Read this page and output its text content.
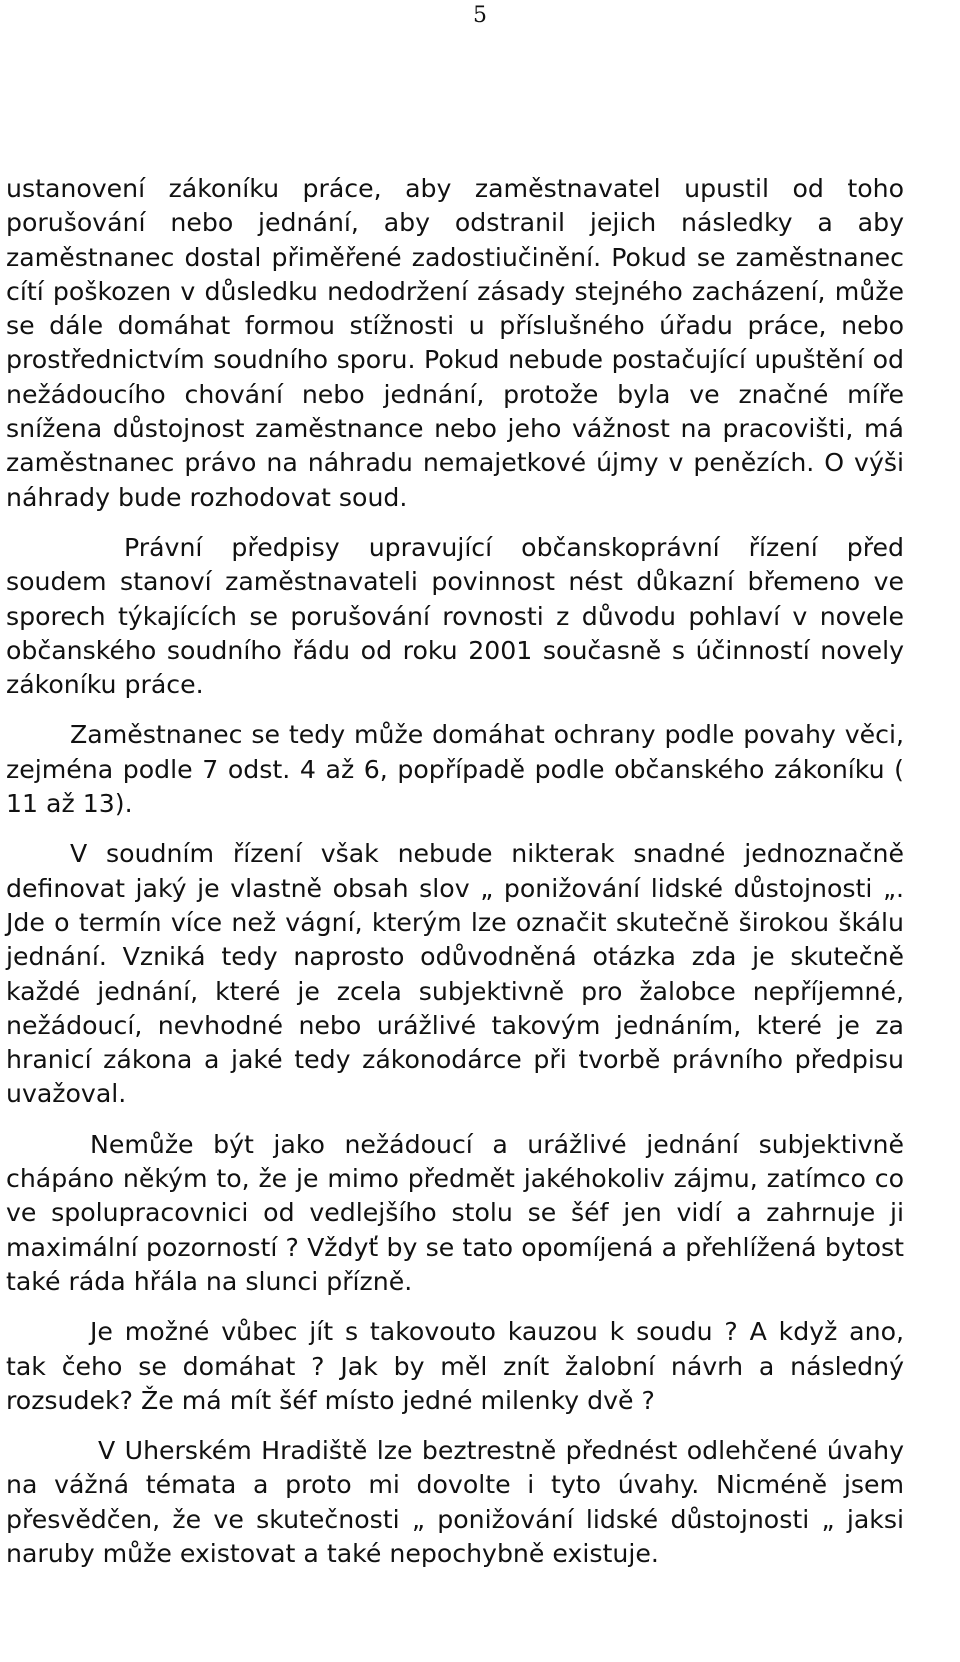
5

ustanovení zákoníku práce, aby zaměstnavatel upustil od toho porušování nebo jednání, aby odstranil jejich následky a aby zaměstnanec dostal přiměřené zadostiučinění. Pokud se zaměstnanec cítí poškozen v důsledku nedodržení zásady stejného zacházení, může se dále domáhat formou stížnosti u příslušného úřadu práce, nebo prostřednictvím soudního sporu. Pokud nebude postačující upuštění od nežádoucího chování nebo jednání, protože byla ve značné míře snížena důstojnost zaměstnance nebo jeho vážnost na pracovišti, má zaměstnanec právo na náhradu nemajetkové újmy v penězích. O výši náhrady bude rozhodovat soud.

Právní předpisy upravující občanskoprávní řízení před soudem stanoví zaměstnavateli povinnost nést důkazní břemeno ve sporech týkajících se porušování rovnosti z důvodu pohlaví v novele občanského soudního řádu od roku 2001 současně s účinností novely zákoníku práce.

Zaměstnanec se tedy může domáhat ochrany podle povahy věci, zejména podle 7 odst. 4 až 6, popřípadě podle občanského zákoníku ( 11 až 13).

V soudním řízení však nebude nikterak snadné jednoznačně definovat jaký je vlastně obsah slov „ ponižování lidské důstojnosti „. Jde o termín více než vágní, kterým lze označit skutečně širokou škálu jednání. Vzniká tedy naprosto odůvodněná otázka zda je skutečně každé jednání, které je zcela subjektivně pro žalobce nepříjemné, nežádoucí, nevhodné nebo urážlivé takovým jednáním, které je za hranicí zákona a jaké tedy zákonodárce při tvorbě právního předpisu uvažoval.

Nemůže být jako nežádoucí a urážlivé jednání subjektivně chápáno někým to, že je mimo předmět jakéhokoliv zájmu, zatímco co ve spolupracovnici od vedlejšího stolu se šéf jen vidí a zahrnuje ji maximální pozorností ? Vždyť by se tato opomíjená a přehlížená bytost také ráda hřála na slunci přízně.

Je možné vůbec jít s takovouto kauzou k soudu ? A když ano, tak čeho se domáhat ? Jak by měl znít žalobní návrh a následný rozsudek? Že má mít šéf místo jedné milenky dvě ?

V Uherském Hradiště lze beztrestně přednést odlehčené úvahy na vážná témata a proto mi dovolte i tyto úvahy. Nicméně jsem přesvědčen, že ve skutečnosti „ ponižování lidské důstojnosti „ jaksi naruby může existovat a také nepochybně existuje.
